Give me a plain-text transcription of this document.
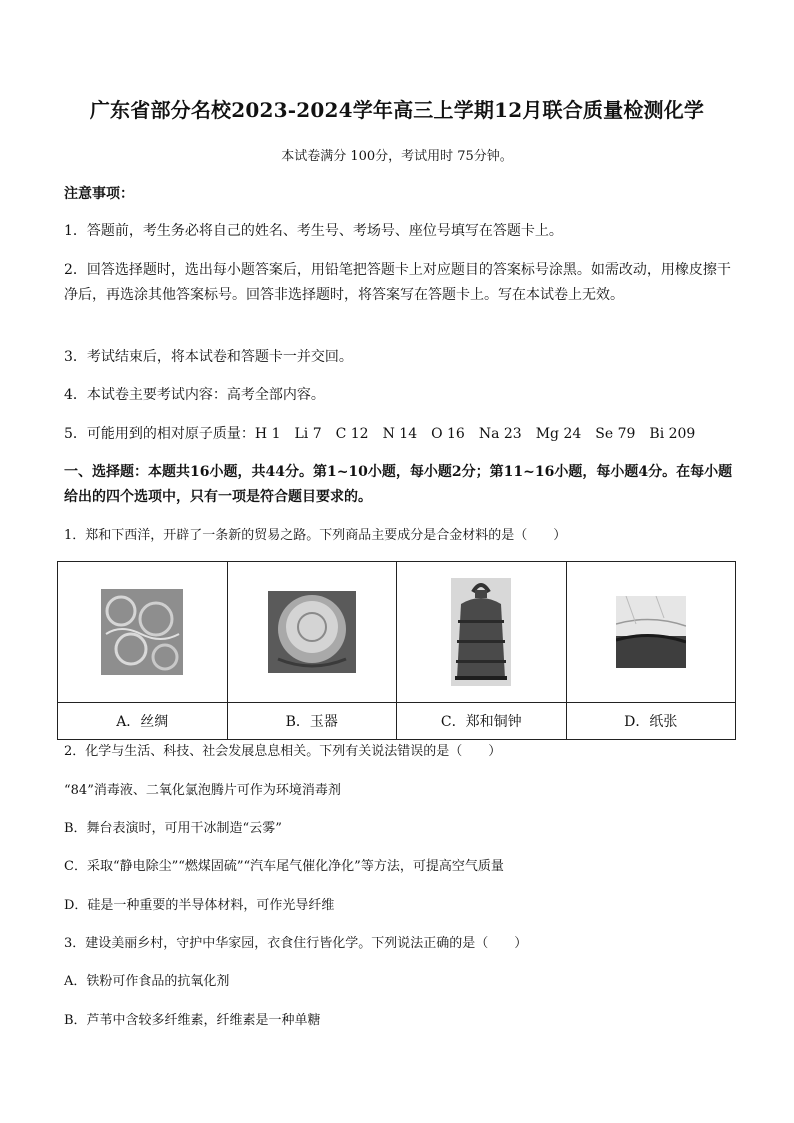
广东省部分名校2023-2024学年高三上学期12月联合质量检测化学
本试卷满分 100分，考试用时 75分钟。
注意事项：
1．答题前，考生务必将自己的姓名、考生号、考场号、座位号填写在答题卡上。
2．回答选择题时，选出每小题答案后，用铅笔把答题卡上对应题目的答案标号涂黑。如需改动，用橡皮擦干净后，再选涂其他答案标号。回答非选择题时，将答案写在答题卡上。写在本试卷上无效。
3．考试结束后，将本试卷和答题卡一并交回。
4．本试卷主要考试内容：高考全部内容。
5．可能用到的相对原子质量：H 1　Li 7　C 12　N 14　O 16　Na 23　Mg 24　Se 79　Bi 209
一、选择题：本题共16小题，共44分。第1~10小题，每小题2分；第11~16小题，每小题4分。在每小题给出的四个选项中，只有一项是符合题目要求的。
1．郑和下西洋，开辟了一条新的贸易之路。下列商品主要成分是合金材料的是（　　）

A．丝绸	B．玉器	C．郑和铜钟	D．纸张
2．化学与生活、科技、社会发展息息相关。下列有关说法错误的是（　　）
“84”消毒液、二氧化氯泡腾片可作为环境消毒剂
B．舞台表演时，可用干冰制造“云雾”
C．采取“静电除尘”“燃煤固硫”“汽车尾气催化净化”等方法，可提高空气质量
D．硅是一种重要的半导体材料，可作光导纤维
3．建设美丽乡村，守护中华家园，衣食住行皆化学。下列说法正确的是（　　）
A．铁粉可作食品的抗氧化剂
B．芦苇中含较多纤维素，纤维素是一种单糖
